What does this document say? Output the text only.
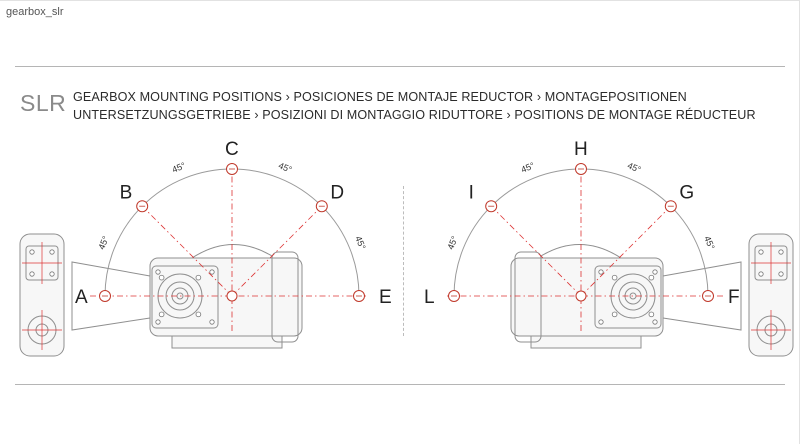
gearbox_slr
SLR GEARBOX MOUNTING POSITIONS › POSICIONES DE MONTAJE REDUCTOR › MONTAGEPOSITIONEN
UNTERSETZUNGSGETRIEBE › POSIZIONI DI MONTAGGIO RIDUTTORE › POSITIONS DE MONTAGE RÉDUCTEUR
A
B
C
D
E
45°
45°	45°
45°
F
G
H
I
L
45°
45°	45°
45°
